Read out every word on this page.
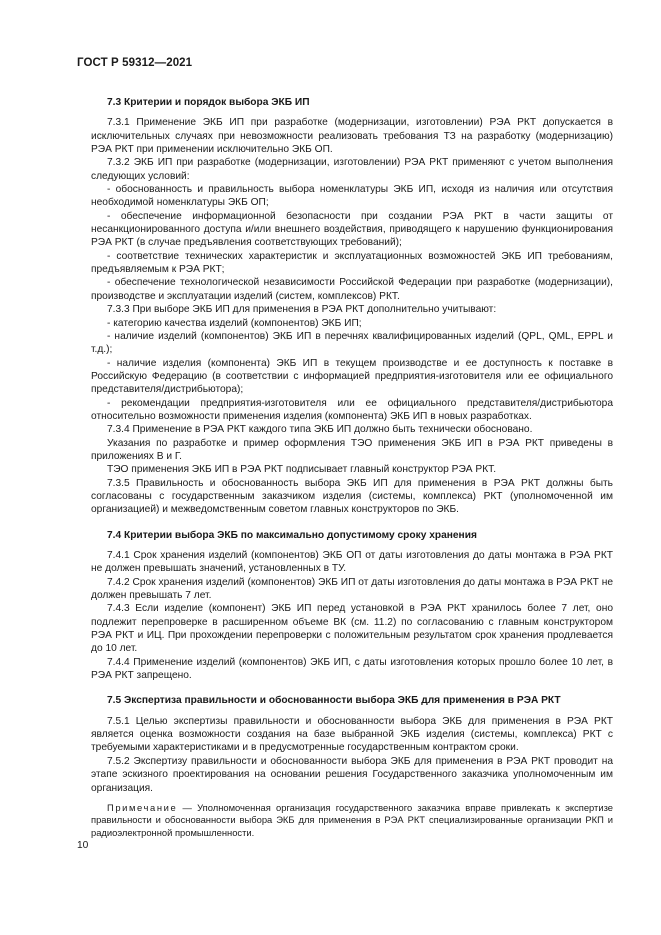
ГОСТ Р 59312—2021
7.3 Критерии и порядок выбора ЭКБ ИП

7.3.1 Применение ЭКБ ИП при разработке (модернизации, изготовлении) РЭА РКТ допускается в исключительных случаях при невозможности реализовать требования ТЗ на разработку (модернизацию) РЭА РКТ при применении исключительно ЭКБ ОП.

7.3.2 ЭКБ ИП при разработке (модернизации, изготовлении) РЭА РКТ применяют с учетом выполнения следующих условий:

- обоснованность и правильность выбора номенклатуры ЭКБ ИП, исходя из наличия или отсутствия необходимой номенклатуры ЭКБ ОП;

- обеспечение информационной безопасности при создании РЭА РКТ в части защиты от несанкционированного доступа и/или внешнего воздействия, приводящего к нарушению функционирования РЭА РКТ (в случае предъявления соответствующих требований);

- соответствие технических характеристик и эксплуатационных возможностей ЭКБ ИП требованиям, предъявляемым к РЭА РКТ;

- обеспечение технологической независимости Российской Федерации при разработке (модернизации), производстве и эксплуатации изделий (систем, комплексов) РКТ.

7.3.3 При выборе ЭКБ ИП для применения в РЭА РКТ дополнительно учитывают:

- категорию качества изделий (компонентов) ЭКБ ИП;

- наличие изделий (компонентов) ЭКБ ИП в перечнях квалифицированных изделий (QPL, QML, EPPL и т.д.);

- наличие изделия (компонента) ЭКБ ИП в текущем производстве и ее доступность к поставке в Российскую Федерацию (в соответствии с информацией предприятия-изготовителя или ее официального представителя/дистрибьютора);

- рекомендации предприятия-изготовителя или ее официального представителя/дистрибьютора относительно возможности применения изделия (компонента) ЭКБ ИП в новых разработках.

7.3.4 Применение в РЭА РКТ каждого типа ЭКБ ИП должно быть технически обосновано.

Указания по разработке и пример оформления ТЭО применения ЭКБ ИП в РЭА РКТ приведены в приложениях В и Г.

ТЭО применения ЭКБ ИП в РЭА РКТ подписывает главный конструктор РЭА РКТ.

7.3.5 Правильность и обоснованность выбора ЭКБ ИП для применения в РЭА РКТ должны быть согласованы с государственным заказчиком изделия (системы, комплекса) РКТ (уполномоченной им организацией) и межведомственным советом главных конструкторов по ЭКБ.

7.4 Критерии выбора ЭКБ по максимально допустимому сроку хранения

7.4.1 Срок хранения изделий (компонентов) ЭКБ ОП от даты изготовления до даты монтажа в РЭА РКТ не должен превышать значений, установленных в ТУ.

7.4.2 Срок хранения изделий (компонентов) ЭКБ ИП от даты изготовления до даты монтажа в РЭА РКТ не должен превышать 7 лет.

7.4.3 Если изделие (компонент) ЭКБ ИП перед установкой в РЭА РКТ хранилось более 7 лет, оно подлежит перепроверке в расширенном объеме ВК (см. 11.2) по согласованию с главным конструктором РЭА РКТ и ИЦ. При прохождении перепроверки с положительным результатом срок хранения продлевается до 10 лет.

7.4.4 Применение изделий (компонентов) ЭКБ ИП, с даты изготовления которых прошло более 10 лет, в РЭА РКТ запрещено.

7.5 Экспертиза правильности и обоснованности выбора ЭКБ для применения в РЭА РКТ

7.5.1 Целью экспертизы правильности и обоснованности выбора ЭКБ для применения в РЭА РКТ является оценка возможности создания на базе выбранной ЭКБ изделия (системы, комплекса) РКТ с требуемыми характеристиками и в предусмотренные государственным контрактом сроки.

7.5.2 Экспертизу правильности и обоснованности выбора ЭКБ для применения в РЭА РКТ проводит на этапе эскизного проектирования на основании решения Государственного заказчика уполномоченным им организация.

Примечание — Уполномоченная организация государственного заказчика вправе привлекать к экспертизе правильности и обоснованности выбора ЭКБ для применения в РЭА РКТ специализированные организации РКП и радиоэлектронной промышленности.

10
